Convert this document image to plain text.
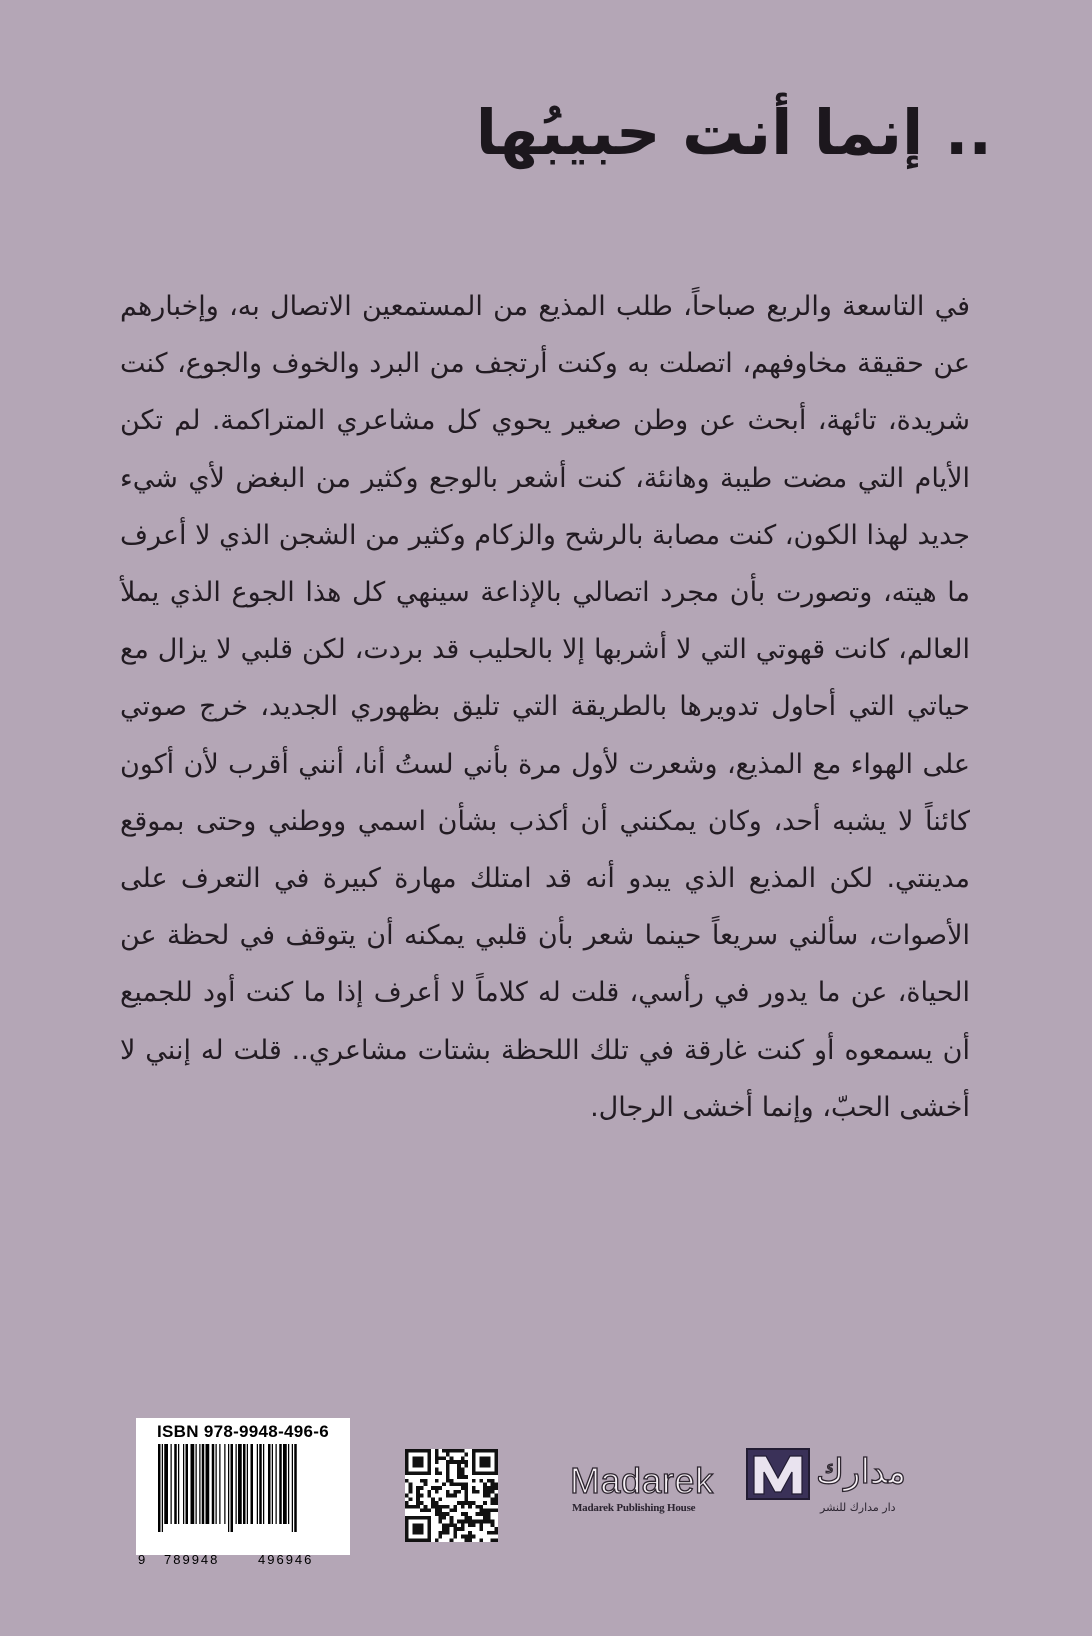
.. إنما أنت حبيبُها
في التاسعة والربع صباحاً، طلب المذيع من المستمعين الاتصال به، وإخبارهم عن حقيقة مخاوفهم، اتصلت به وكنت أرتجف من البرد والخوف والجوع، كنت شريدة، تائهة، أبحث عن وطن صغير يحوي كل مشاعري المتراكمة. لم تكن الأيام التي مضت طيبة وهانئة، كنت أشعر بالوجع وكثير من البغض لأي شيء جديد لهذا الكون، كنت مصابة بالرشح والزكام وكثير من الشجن الذي لا أعرف ما هيته، وتصورت بأن مجرد اتصالي بالإذاعة سينهي كل هذا الجوع الذي يملأ العالم، كانت قهوتي التي لا أشربها إلا بالحليب قد بردت، لكن قلبي لا يزال مع حياتي التي أحاول تدويرها بالطريقة التي تليق بظهوري الجديد، خرج صوتي على الهواء مع المذيع، وشعرت لأول مرة بأني لستُ أنا، أنني أقرب لأن أكون كائناً لا يشبه أحد، وكان يمكنني أن أكذب بشأن اسمي ووطني وحتى بموقع مدينتي. لكن المذيع الذي يبدو أنه قد امتلك مهارة كبيرة في التعرف على الأصوات، سألني سريعاً حينما شعر بأن قلبي يمكنه أن يتوقف في لحظة عن الحياة، عن ما يدور في رأسي، قلت له كلاماً لا أعرف إذا ما كنت أود للجميع أن يسمعوه أو كنت غارقة في تلك اللحظة بشتات مشاعري.. قلت له إنني لا أخشى الحبّ، وإنما أخشى الرجال.
ISBN 978-9948-496-6
9 789948	496946
Madarek	مدارك
Madarek Publishing House	دار مدارك للنشر
